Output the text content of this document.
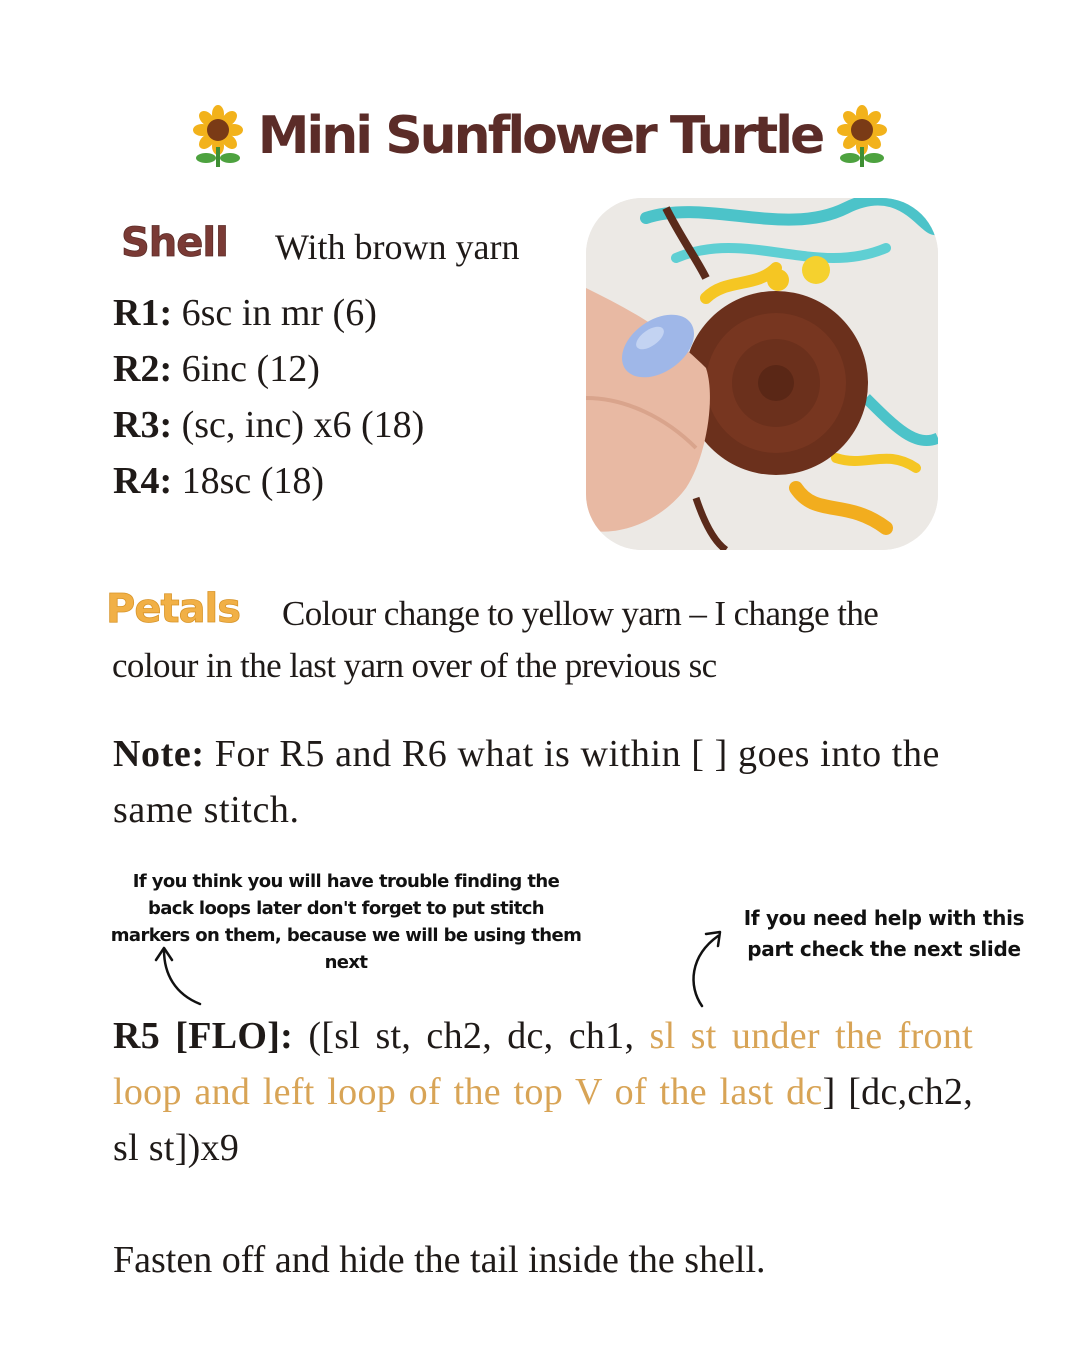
Mini Sunflower Turtle
Shell With brown yarn
R1: 6sc in mr (6)
R2: 6inc (12)
R3: (sc, inc) x6 (18)
R4: 18sc (18)
Colour change to yellow yarn – I change the colour in the last yarn over of the previous sc
Petals
Note: For R5 and R6 what is within [ ] goes into the same stitch.
If you think you will have trouble finding the back loops later don't forget to put stitch markers on them, because we will be using them next
If you need help with this part check the next slide
R5 [FLO]: ([sl st, ch2, dc, ch1, sl st under the front loop and left loop of the top V of the last dc] [dc,ch2, sl st])x9
Fasten off and hide the tail inside the shell.
